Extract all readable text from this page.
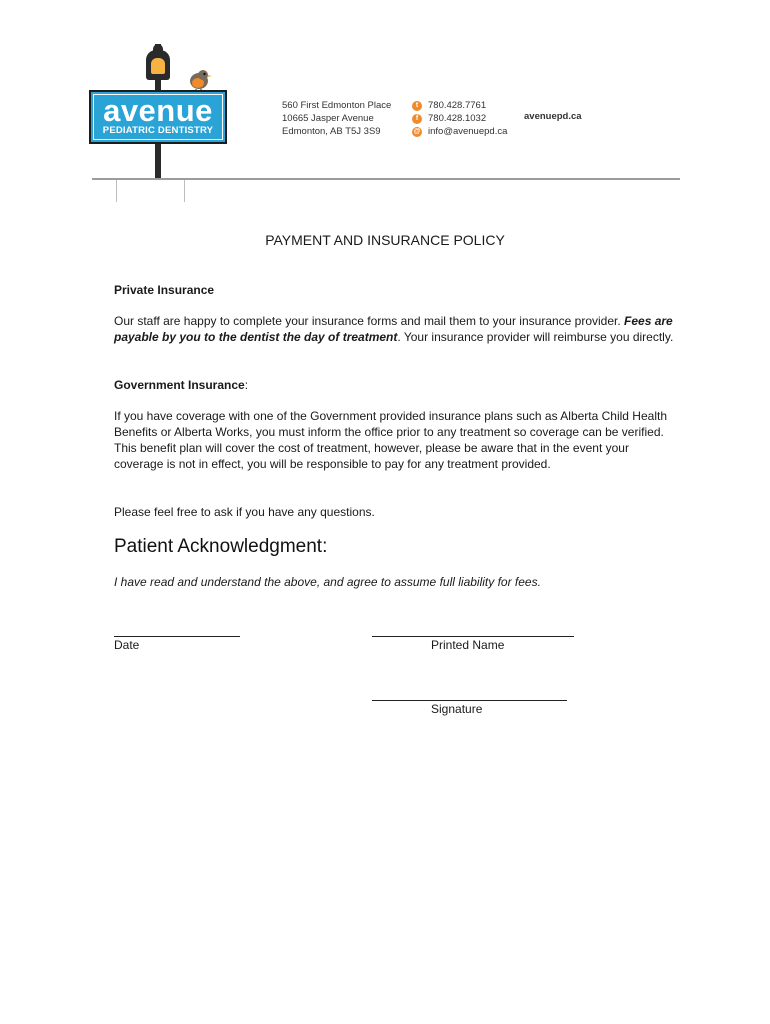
avenue
PEDIATRIC DENTISTRY
560 First Edmonton Place
10665 Jasper Avenue
Edmonton, AB T5J 3S9
t	780.428.7761
f	780.428.1032
@ info@avenuepd.ca
avenuepd.ca
PAYMENT AND INSURANCE POLICY
Private Insurance
Our staff are happy to complete your insurance forms and mail them to your insurance provider. Fees are payable by you to the dentist the day of treatment. Your insurance provider will reimburse you directly.
Government Insurance:
If you have coverage with one of the Government provided insurance plans such as Alberta Child Health Benefits or Alberta Works, you must inform the office prior to any treatment so coverage can be verified. This benefit plan will cover the cost of treatment, however, please be aware that in the event your coverage is not in effect, you will be responsible to pay for any treatment provided.
Please feel free to ask if you have any questions.
Patient Acknowledgment:
I have read and understand the above, and agree to assume full liability for fees.
Date	Printed Name
Signature
